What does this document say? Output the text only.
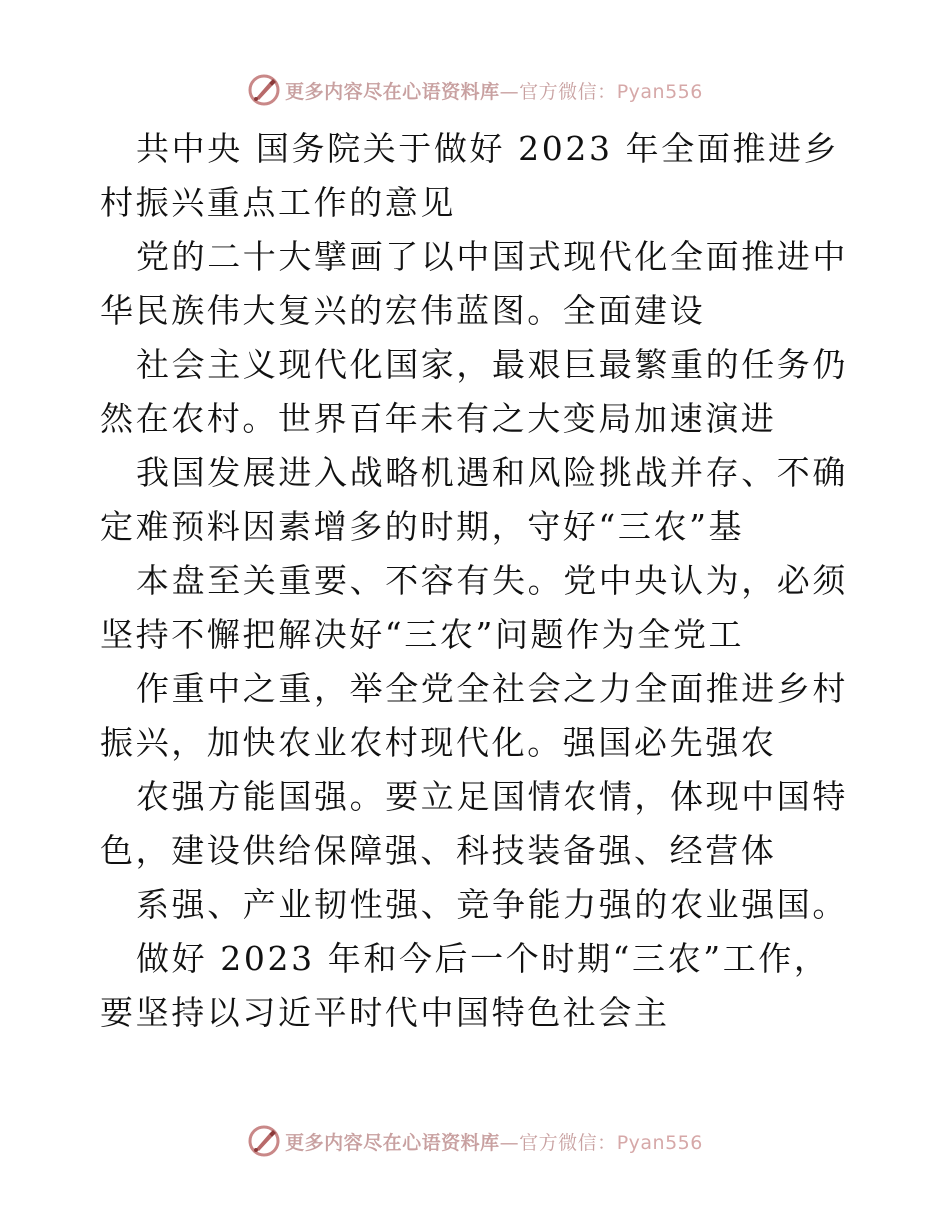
更多内容尽在心语资料库—官方微信：Pyan556

共中央 国务院关于做好 2023 年全面推进乡村振兴重点工作的意见

党的二十大擘画了以中国式现代化全面推进中华民族伟大复兴的宏伟蓝图。全面建设

社会主义现代化国家，最艰巨最繁重的任务仍然在农村。世界百年未有之大变局加速演进

我国发展进入战略机遇和风险挑战并存、不确定难预料因素增多的时期，守好“三农”基

本盘至关重要、不容有失。党中央认为，必须坚持不懈把解决好“三农”问题作为全党工

作重中之重，举全党全社会之力全面推进乡村振兴，加快农业农村现代化。强国必先强农

农强方能国强。要立足国情农情，体现中国特色，建设供给保障强、科技装备强、经营体

系强、产业韧性强、竞争能力强的农业强国。

做好 2023 年和今后一个时期“三农”工作，要坚持以习近平时代中国特色社会主

更多内容尽在心语资料库—官方微信：Pyan556
